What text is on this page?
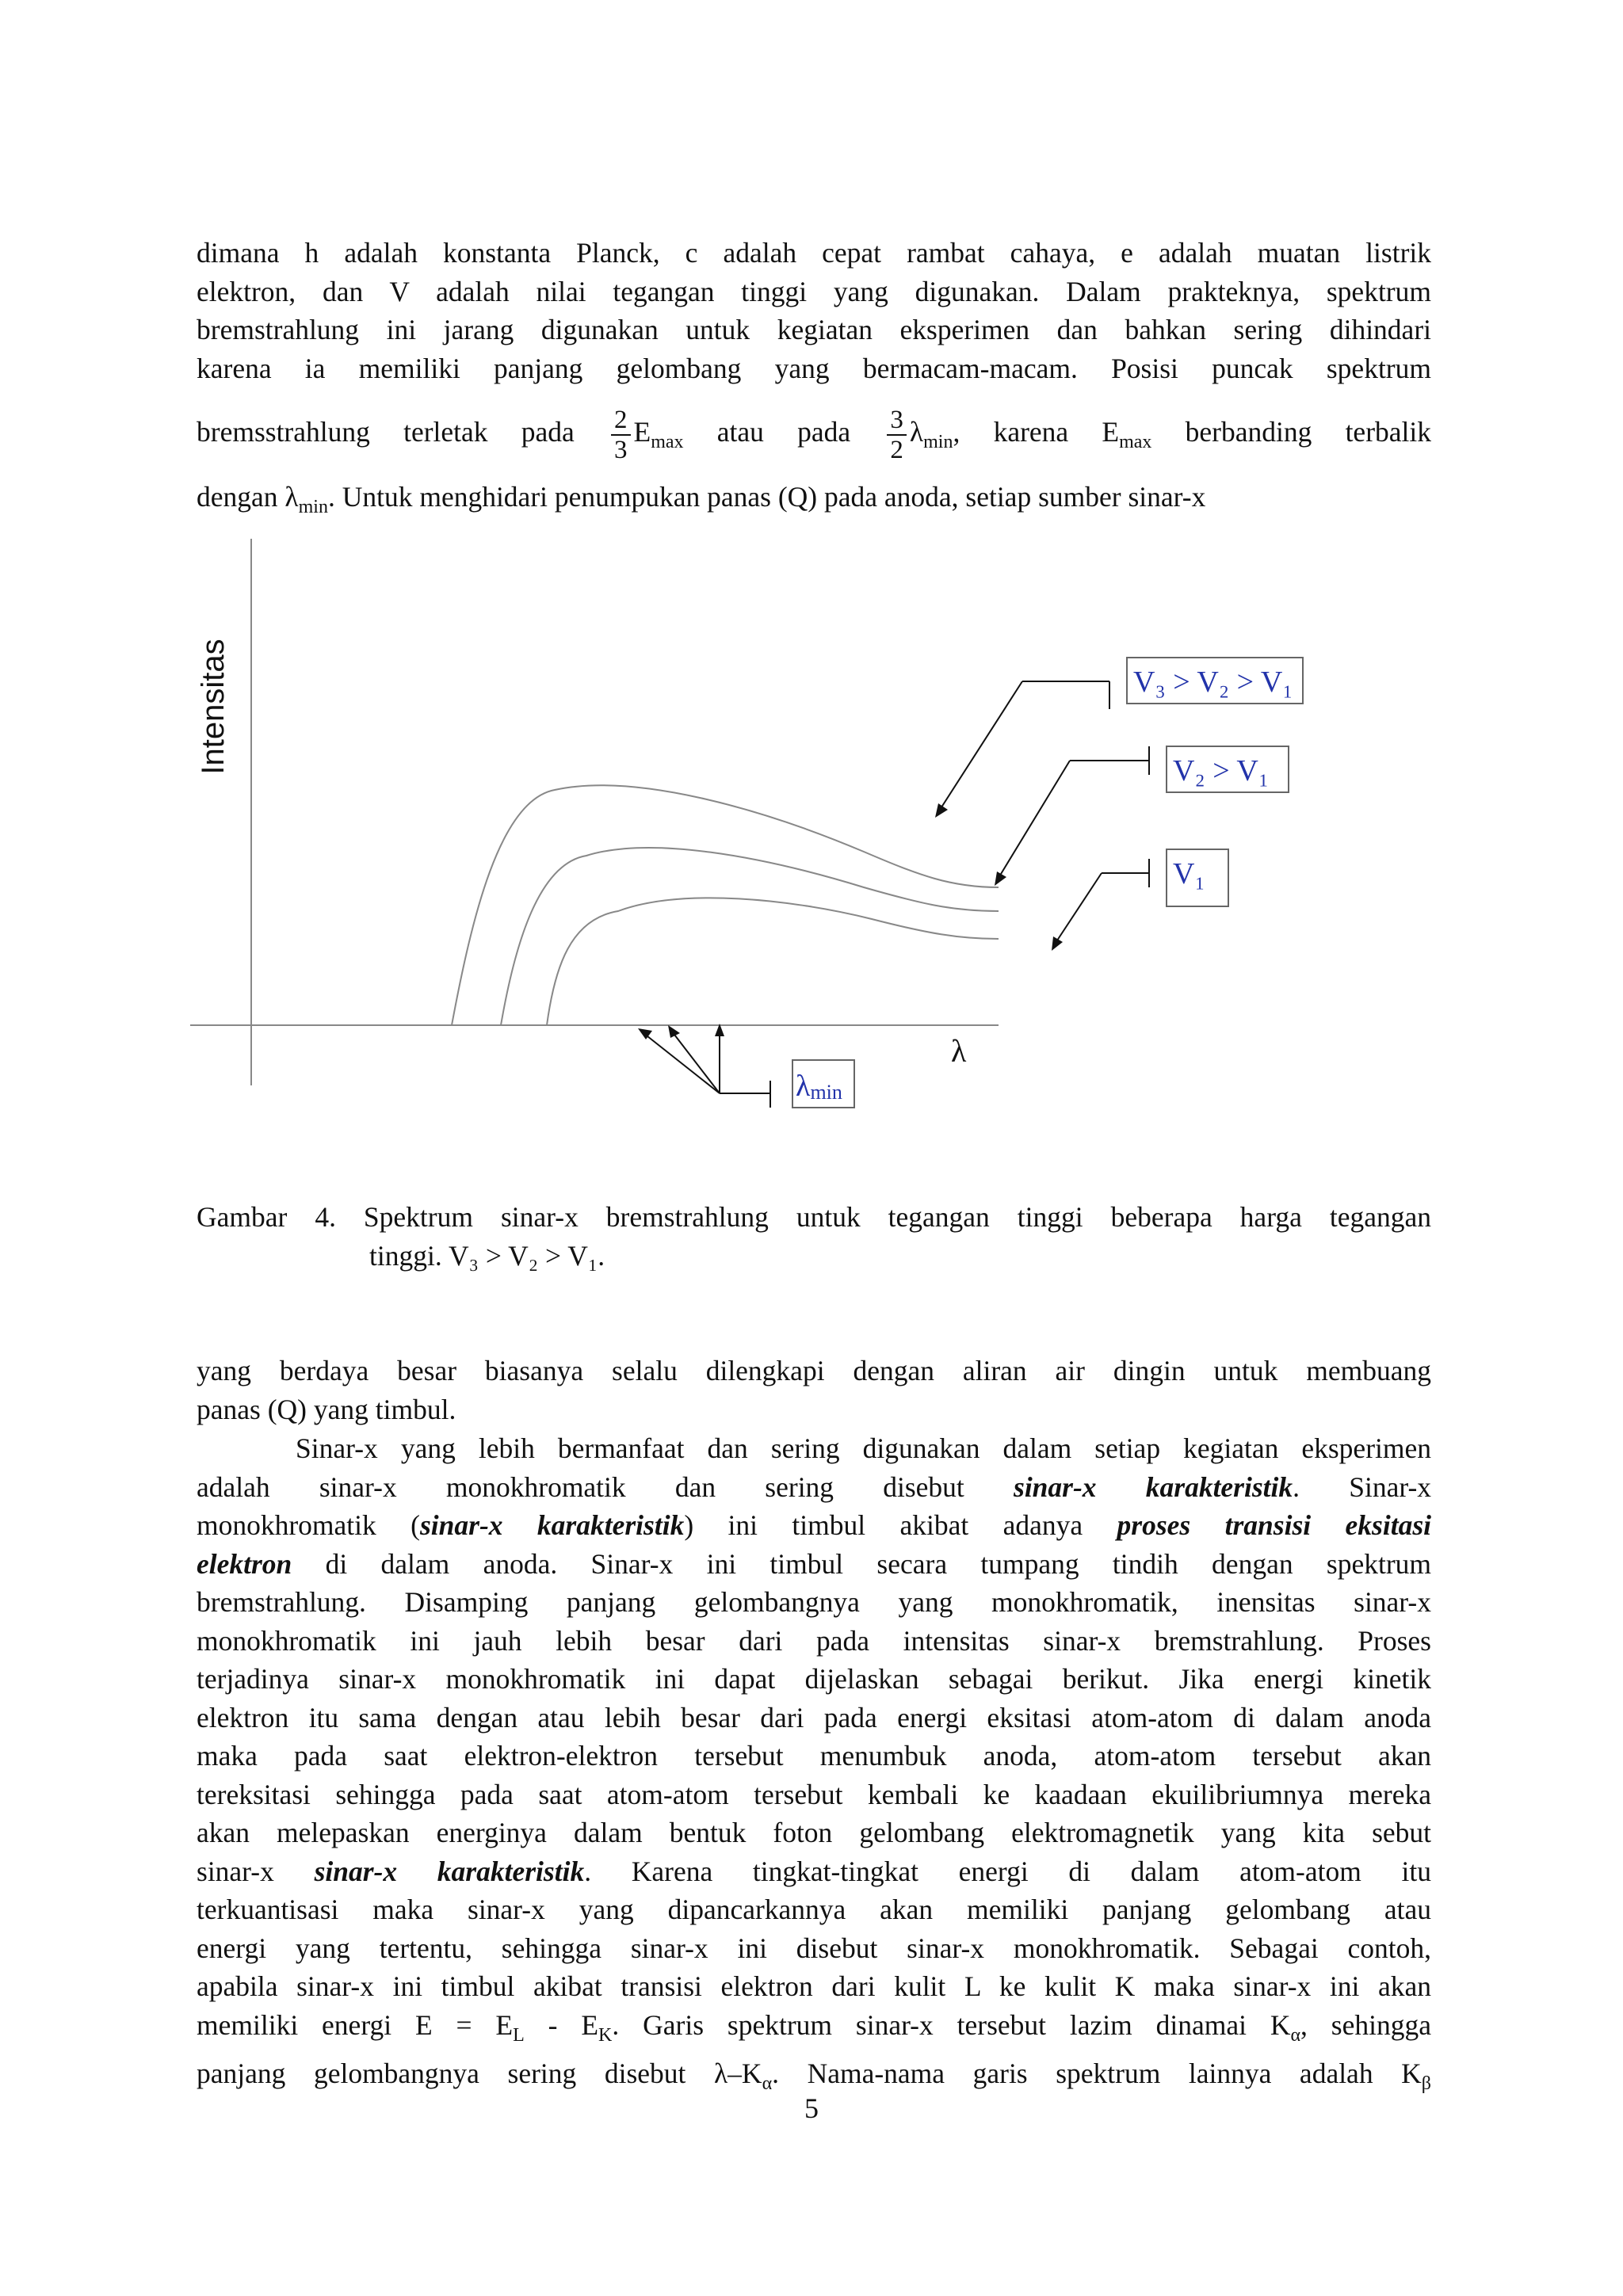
dimana h adalah konstanta Planck, c adalah cepat rambat cahaya, e adalah muatan listrik
elektron, dan V adalah nilai tegangan tinggi yang digunakan. Dalam prakteknya, spektrum
bremstrahlung ini jarang digunakan untuk kegiatan eksperimen dan bahkan sering dihindari
karena ia memiliki panjang gelombang yang bermacam-macam. Posisi puncak spektrum
bremsstrahlung terletak pada $\frac{2}{3} E_{max}$ atau pada $\frac{3}{2} \lambda_{min}$, karena $E_{max}$ berbanding terbalik
dengan $\lambda_{min}$. Untuk menghidari penumpukan panas (Q) pada anoda, setiap sumber sinar-x
Intensitas
λ
V₃ > V₂ > V₁
V₂ > V₁
V₁
λmin
Gambar 4. Spektrum sinar-x bremstrahlung untuk tegangan tinggi beberapa harga tegangan
tinggi. V₃ > V₂ > V₁.
yang berdaya besar biasanya selalu dilengkapi dengan aliran air dingin untuk membuang
panas (Q) yang timbul.
Sinar-x yang lebih bermanfaat dan sering digunakan dalam setiap kegiatan eksperimen
adalah sinar-x monokhromatik dan sering disebut sinar-x karakteristik. Sinar-x
monokhromatik (sinar-x karakteristik) ini timbul akibat adanya proses transisi eksitasi
elektron di dalam anoda. Sinar-x ini timbul secara tumpang tindih dengan spektrum
bremstrahlung. Disamping panjang gelombangnya yang monokhromatik, inensitas sinar-x
monokhromatik ini jauh lebih besar dari pada intensitas sinar-x bremstrahlung. Proses
terjadinya sinar-x monokhromatik ini dapat dijelaskan sebagai berikut. Jika energi kinetik
elektron itu sama dengan atau lebih besar dari pada energi eksitasi atom-atom di dalam anoda
maka pada saat elektron-elektron tersebut menumbuk anoda, atom-atom tersebut akan
tereksitasi sehingga pada saat atom-atom tersebut kembali ke kaadaan ekuilibriumnya mereka
akan melepaskan energinya dalam bentuk foton gelombang elektromagnetik yang kita sebut
sinar-x sinar-x karakteristik. Karena tingkat-tingkat energi di dalam atom-atom itu
terkuantisasi maka sinar-x yang dipancarkannya akan memiliki panjang gelombang atau
energi yang tertentu, sehingga sinar-x ini disebut sinar-x monokhromatik. Sebagai contoh,
apabila sinar-x ini timbul akibat transisi elektron dari kulit L ke kulit K maka sinar-x ini akan
memiliki energi $E = E_L - E_K$. Garis spektrum sinar-x tersebut lazim dinamai $K_\alpha$, sehingga
panjang gelombangnya sering disebut $\lambda-K_\alpha$. Nama-nama garis spektrum lainnya adalah $K_\beta$
5
